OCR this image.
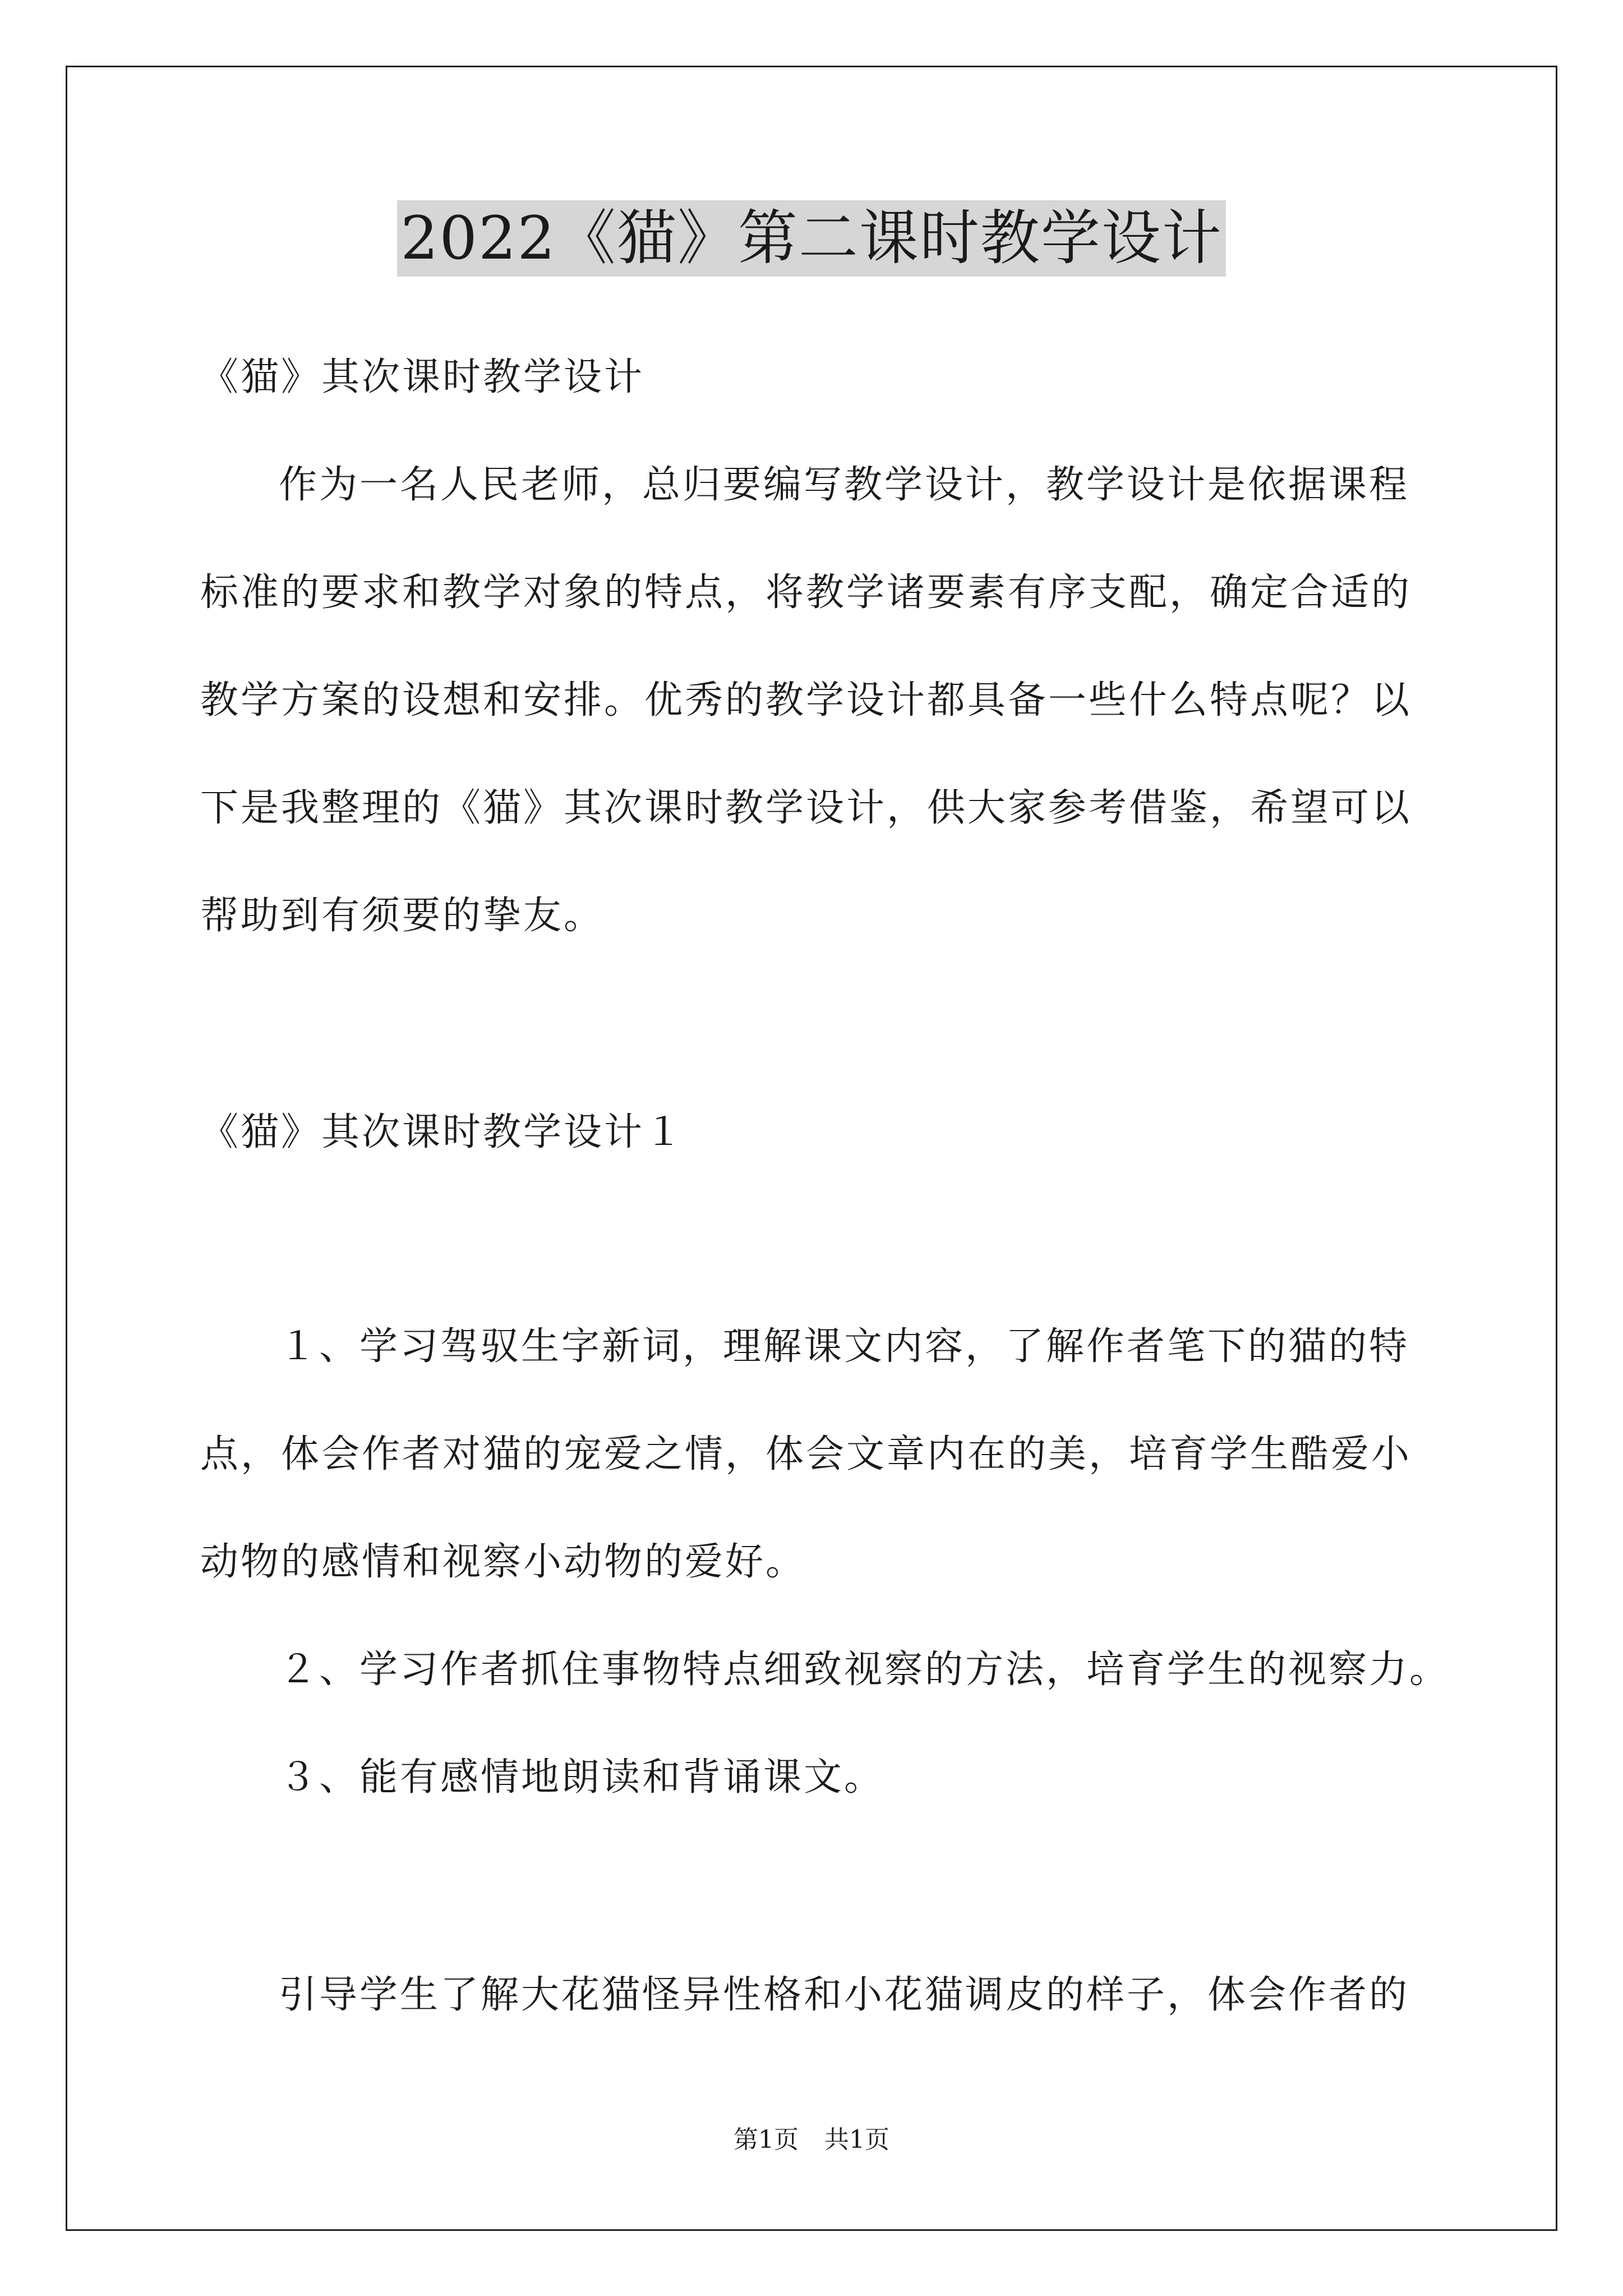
2022《猫》第二课时教学设计
《猫》其次课时教学设计
作为一名人民老师，总归要编写教学设计，教学设计是依据课程
标准的要求和教学对象的特点，将教学诸要素有序支配，确定合适的
教学方案的设想和安排。优秀的教学设计都具备一些什么特点呢？以
下是我整理的《猫》其次课时教学设计，供大家参考借鉴，希望可以
帮助到有须要的挚友。
《猫》其次课时教学设计１
１、学习驾驭生字新词，理解课文内容，了解作者笔下的猫的特
点，体会作者对猫的宠爱之情，体会文章内在的美，培育学生酷爱小
动物的感情和视察小动物的爱好。
２、学习作者抓住事物特点细致视察的方法，培育学生的视察力。
３、能有感情地朗读和背诵课文。
引导学生了解大花猫怪异性格和小花猫调皮的样子，体会作者的
第1页 共1页
